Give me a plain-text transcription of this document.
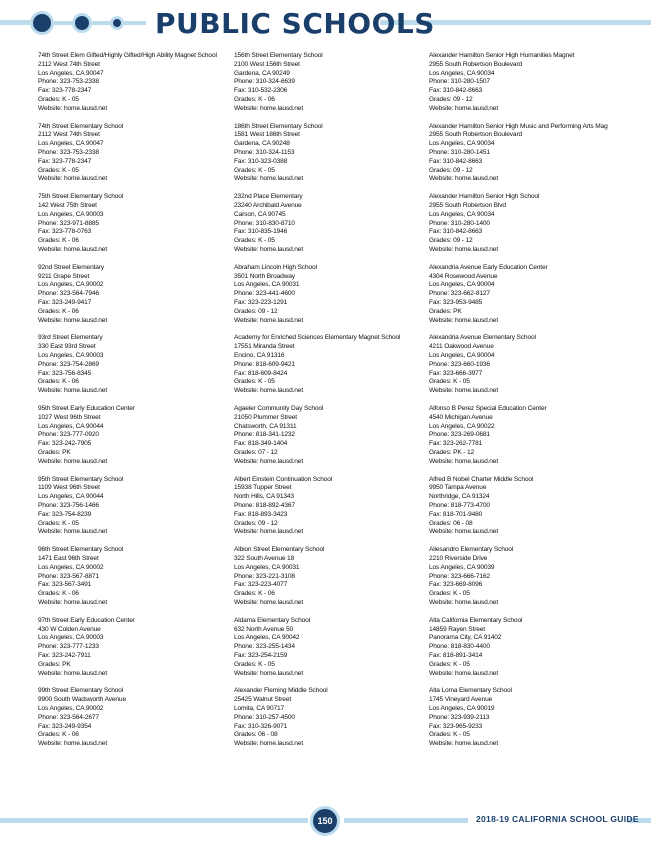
PUBLIC SCHOOLS
74th Street Elem Gifted/Highly Gifted/High Ability Magnet School
2112 West 74th Street
Los Angeles, CA 90047
Phone: 323-753-2338
Fax: 323-778-2347
Grades: K - 05
Website: home.lausd.net
74th Street Elementary School
2112 West 74th Street
Los Angeles, CA 90047
Phone: 323-753-2338
Fax: 323-778-2347
Grades: K - 05
Website: home.lausd.net
75th Street Elementary School
142 West 75th Street
Los Angeles, CA 90003
Phone: 323-971-8885
Fax: 323-778-0763
Grades: K - 06
Website: home.lausd.net
92nd Street Elementary
9211 Grape Street
Los Angeles, CA 90002
Phone: 323-564-7946
Fax: 323-249-9417
Grades: K - 06
Website: home.lausd.net
93rd Street Elementary
330 East 93rd Street
Los Angeles, CA 90003
Phone: 323-754-2869
Fax: 323-756-8345
Grades: K - 06
Website: home.lausd.net
95th Street Early Education Center
1027 West 96th Street
Los Angeles, CA 90044
Phone: 323-777-0920
Fax: 323-242-7905
Grades: PK
Website: home.lausd.net
95th Street Elementary School
1109 West 96th Street
Los Angeles, CA 90044
Phone: 323-756-1466
Fax: 323-754-8239
Grades: K - 05
Website: home.lausd.net
96th Street Elementary School
1471 East 96th Street
Los Angeles, CA 90002
Phone: 323-567-8871
Fax: 323-567-3491
Grades: K - 06
Website: home.lausd.net
97th Street Early Education Center
430 W Colden Avenue
Los Angeles, CA 90003
Phone: 323-777-1233
Fax: 323-242-7911
Grades: PK
Website: home.lausd.net
99th Street Elementary School
9900 South Wadsworth Avenue
Los Angeles, CA 90002
Phone: 323-564-2677
Fax: 323-249-9354
Grades: K - 06
Website: home.lausd.net
156th Street Elementary School
2100 West 156th Street
Gardena, CA 90249
Phone: 310-324-6639
Fax: 310-532-2306
Grades: K - 06
Website: home.lausd.net
186th Street Elementary School
1581 West 186th Street
Gardena, CA 90248
Phone: 310-324-1153
Fax: 310-323-0388
Grades: K - 05
Website: home.lausd.net
232nd Place Elementary
23240 Archibald Avenue
Carson, CA 90745
Phone: 310-830-8710
Fax: 310-835-1946
Grades: K - 05
Website: home.lausd.net
Abraham Lincoln High School
3501 North Broadway
Los Angeles, CA 90031
Phone: 323-441-4600
Fax: 323-223-1291
Grades: 09 - 12
Website: home.lausd.net
Academy for Enriched Sciences Elementary Magnet School
17551 Miranda Street
Encino, CA 91316
Phone: 818-609-9421
Fax: 818-609-8424
Grades: K - 05
Website: home.lausd.net
Agaeler Community Day School
21050 Plummer Street
Chatsworth, CA 91311
Phone: 818-341-1232
Fax: 818-349-1404
Grades: 07 - 12
Website: home.lausd.net
Albert Einstein Continuation School
15938 Tupper Street
North Hills, CA 91343
Phone: 818-892-4367
Fax: 818-893-3423
Grades: 09 - 12
Website: home.lausd.net
Albion Street Elementary School
322 South Avenue 18
Los Angeles, CA 90031
Phone: 323-221-3108
Fax: 323-223-4077
Grades: K - 06
Website: home.lausd.net
Aldama Elementary School
632 North Avenue 50
Los Angeles, CA 90042
Phone: 323-255-1434
Fax: 323-254-2159
Grades: K - 05
Website: home.lausd.net
Alexander Fleming Middle School
25425 Walnut Street
Lomita, CA 90717
Phone: 310-257-4500
Fax: 310-326-9071
Grades: 06 - 08
Website: home.lausd.net
Alexander Hamilton Senior High Humanities Magnet
2955 South Robertson Boulevard
Los Angeles, CA 90034
Phone: 310-280-1507
Fax: 310-842-8663
Grades: 09 - 12
Website: home.lausd.net
Alexander Hamilton Senior High Music and Performing Arts Mag
2955 South Robertson Boulevard
Los Angeles, CA 90034
Phone: 310-280-1451
Fax: 310-842-8663
Grades: 09 - 12
Website: home.lausd.net
Alexander Hamilton Senior High School
2955 South Robertson Blvd
Los Angeles, CA 90034
Phone: 310-280-1400
Fax: 310-842-8663
Grades: 09 - 12
Website: home.lausd.net
Alexandria Avenue Early Education Center
4304 Rosewood Avenue
Los Angeles, CA 90004
Phone: 323-662-8127
Fax: 323-953-9485
Grades: PK
Website: home.lausd.net
Alexandria Avenue Elementary School
4211 Oakwood Avenue
Los Angeles, CA 90004
Phone: 323-660-1936
Fax: 323-666-3977
Grades: K - 05
Website: home.lausd.net
Alfonso B Perez Special Education Center
4540 Michigan Avenue
Los Angeles, CA 90022
Phone: 323-269-0681
Fax: 323-262-7781
Grades: PK - 12
Website: home.lausd.net
Alfred B Nobel Charter Middle School
9950 Tampa Avenue
Northridge, CA 91324
Phone: 818-773-4700
Fax: 818-701-9480
Grades: 06 - 08
Website: home.lausd.net
Aliesandro Elementary School
2210 Riverside Drive
Los Angeles, CA 90039
Phone: 323-666-7162
Fax: 323-669-8096
Grades: K - 05
Website: home.lausd.net
Alta California Elementary School
14859 Rayen Street
Panorama City, CA 91402
Phone: 818-830-4400
Fax: 818-891-3414
Grades: K - 05
Website: home.lausd.net
Alta Loma Elementary School
1745 Vineyard Avenue
Los Angeles, CA 90019
Phone: 323-939-2113
Fax: 323-965-9233
Grades: K - 05
Website: home.lausd.net
150	2018-19 CALIFORNIA SCHOOL GUIDE
